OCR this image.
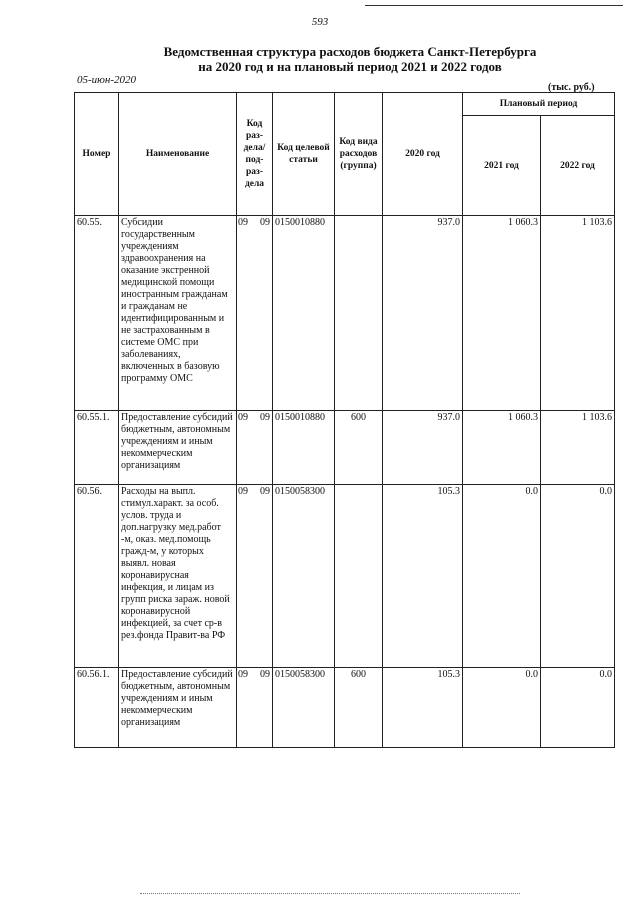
593
Ведомственная структура расходов бюджета Санкт-Петербурга
на 2020 год и на плановый период 2021 и 2022 годов
05-июн-2020
(тыс. руб.)
Номер	Наименование	Код раз-дела/ под-раз-дела	Код целевой статьи	Код вида расходов (группа)	2020 год	Плановый период	
						2021 год	2022 год
60.55.	Субсидии государственным учреждениям здравоохранения на оказание экстренной медицинской помощи иностранным гражданам и гражданам не идентифицированным и не застрахованным в системе ОМС при заболеваниях, включенных в базовую программу ОМС	09 09	0150010880		937.0	1 060.3	1 103.6
60.55.1.	Предоставление субсидий бюджетным, автономным учреждениям и иным некоммерческим организациям	09 09	0150010880	600	937.0	1 060.3	1 103.6
60.56.	Расходы на выпл. стимул.характ. за особ. услов. труда и доп.нагрузку мед.работ -м, оказ. мед.помощь гражд-м, у которых выявл. новая коронавирусная инфекция, и лицам из групп риска зараж. новой коронавирусной инфекцией, за счет ср-в рез.фонда Правит-ва РФ	09 09	0150058300		105.3	0.0	0.0
60.56.1.	Предоставление субсидий бюджетным, автономным учреждениям и иным некоммерческим организациям	09 09	0150058300	600	105.3	0.0	0.0
